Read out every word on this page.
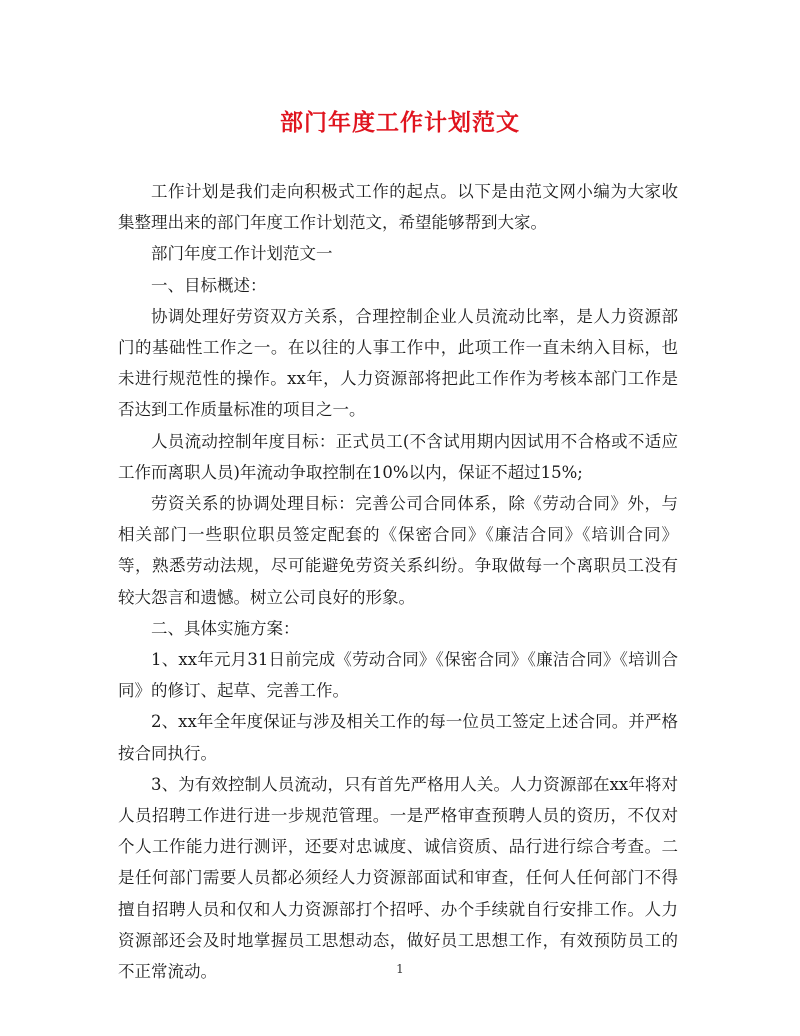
部门年度工作计划范文

工作计划是我们走向积极式工作的起点。以下是由范文网小编为大家收集整理出来的部门年度工作计划范文，希望能够帮到大家。

部门年度工作计划范文一

一、目标概述：

协调处理好劳资双方关系，合理控制企业人员流动比率，是人力资源部门的基础性工作之一。在以往的人事工作中，此项工作一直未纳入目标，也未进行规范性的操作。xx年，人力资源部将把此工作作为考核本部门工作是否达到工作质量标准的项目之一。

人员流动控制年度目标：正式员工(不含试用期内因试用不合格或不适应工作而离职人员)年流动争取控制在10%以内，保证不超过15%;

劳资关系的协调处理目标：完善公司合同体系，除《劳动合同》外，与相关部门一些职位职员签定配套的《保密合同》《廉洁合同》《培训合同》等，熟悉劳动法规，尽可能避免劳资关系纠纷。争取做每一个离职员工没有较大怨言和遗憾。树立公司良好的形象。

二、具体实施方案：

1、xx年元月31日前完成《劳动合同》《保密合同》《廉洁合同》《培训合同》的修订、起草、完善工作。

2、xx年全年度保证与涉及相关工作的每一位员工签定上述合同。并严格按合同执行。

3、为有效控制人员流动，只有首先严格用人关。人力资源部在xx年将对人员招聘工作进行进一步规范管理。一是严格审查预聘人员的资历，不仅对个人工作能力进行测评，还要对忠诚度、诚信资质、品行进行综合考查。二是任何部门需要人员都必须经人力资源部面试和审查，任何人任何部门不得擅自招聘人员和仅和人力资源部打个招呼、办个手续就自行安排工作。人力资源部还会及时地掌握员工思想动态，做好员工思想工作，有效预防员工的不正常流动。	1
